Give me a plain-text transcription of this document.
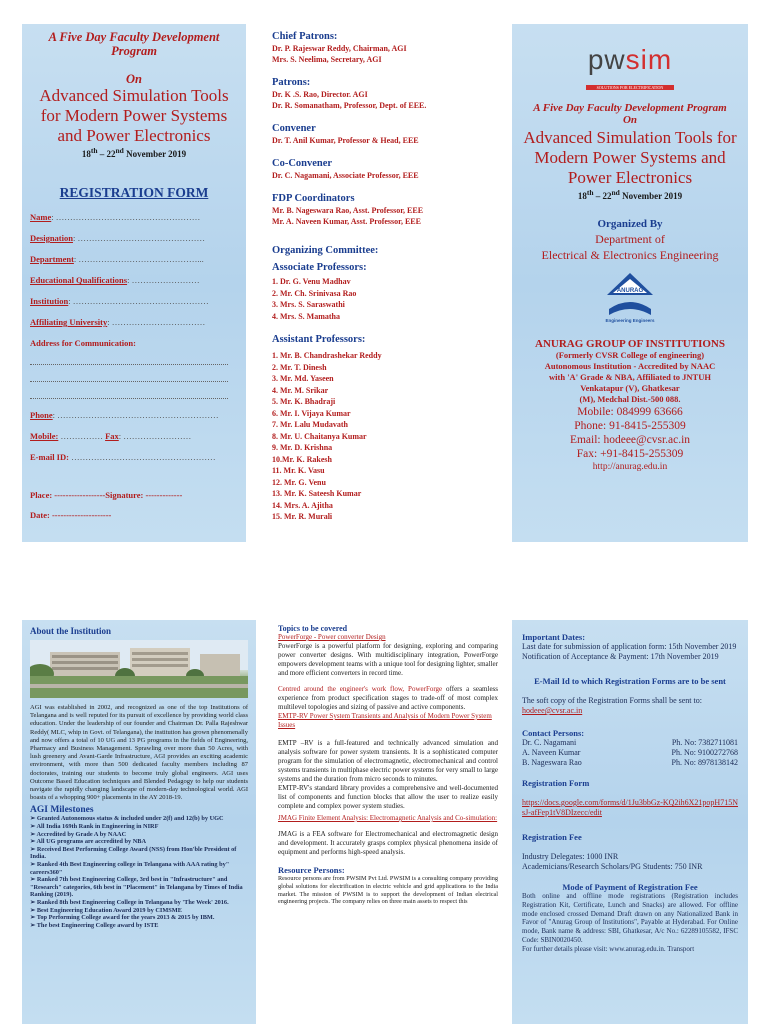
A Five Day Faculty Development Program
On
Advanced Simulation Tools for Modern Power Systems and Power Electronics
18th – 22nd November 2019
REGISTRATION FORM
Name: ……………………………………………
Designation: ………………………………………
Department: ……………………………………...
Educational Qualifications: ……………………
Institution: …………………………………………
Affiliating University: ……………………………
Address for Communication:
Phone: …………………………………………………
Mobile: …………… Fax: ……………………
E-mail ID: ……………………………………………
Place: ------------------Signature: -------------
Date: ---------------------
Chief Patrons:
Dr. P. Rajeswar Reddy, Chairman, AGI
Mrs. S. Neelima, Secretary, AGI
Patrons:
Dr. K .S. Rao, Director. AGI
Dr. R. Somanatham, Professor, Dept. of EEE.
Convener
Dr. T. Anil Kumar, Professor & Head, EEE
Co-Convener
Dr. C. Nagamani, Associate Professor, EEE
FDP Coordinators
Mr. B. Nageswara Rao, Asst. Professor, EEE
Mr. A. Naveen Kumar, Asst. Professor, EEE
Organizing Committee:
Associate Professors:
1. Dr. G. Venu Madhav
2. Mr. Ch. Srinivasa Rao
3. Mrs. S. Saraswathi
4. Mrs. S. Mamatha
Assistant Professors:
1. Mr. B. Chandrashekar Reddy
2. Mr. T. Dinesh
3. Mr. Md. Yaseen
4. Mr. M. Srikar
5. Mr. K. Bhadraji
6. Mr. I. Vijaya Kumar
7. Mr. Lalu Mudavath
8. Mr. U. Chaitanya Kumar
9. Mr. D. Krishna
10.Mr. K. Rakesh
11. Mr. K. Vasu
12. Mr. G. Venu
13. Mr. K. Sateesh Kumar
14. Mrs. A. Ajitha
15. Mr. R. Murali
pwsim
SOLUTIONS FOR ELECTRIFICATION
A Five Day Faculty Development Program
On
Advanced Simulation Tools for Modern Power Systems and Power Electronics
18th – 22nd November 2019
Organized By
Department of
Electrical & Electronics Engineering
ANURAG
Engineering Engineers
ANURAG GROUP OF INSTITUTIONS
(Formerly CVSR College of engineering)
Autonomous Institution - Accredited by NAAC
with 'A' Grade & NBA, Affiliated to JNTUH
Venkatapur (V), Ghatkesar
(M), Medchal Dist.-500 088.
Mobile: 084999 63666
Phone: 91-8415-255309
Email: hodeee@cvsr.ac.in
Fax: +91-8415-255309
http://anurag.edu.in
About the Institution
AGI was established in 2002, and recognized as one of the top Institutions of Telangana and is well reputed for its pursuit of excellence by providing world class education. Under the leadership of our founder and Chairman Dr. Palla Rajeshwar Reddy( MLC, whip in Govt. of Telangana), the institution has grown phenomenally and now offers a total of 10 UG and 13 PG programs in the fields of Engineering, Pharmacy and Business Management. Sprawling over more than 50 Acres, with lush greenery and Avant-Garde Infrastructure, AGI provides an exciting academic environment, with more than 500 dedicated faculty members including 87 doctorates, training our students to become truly global engineers. AGI uses Outcome Based Education techniques and Blended Pedagogy to help our students navigate the rapidly changing landscape of modern-day technological world. AGI boasts of a whopping 900+ placements in the AY 2018-19.
AGI Milestones
➢ Granted Autonomous status & included under 2(f) and 12(b) by UGC
➢ All India 169th Rank in Engineering in NIRF
➢ Accredited by Grade A by NAAC
➢ All UG programs are accredited by NBA
➢ Received Best Performing College Award (NSS) from Hon'ble President of India.
➢ Ranked 4th Best Engineering college in Telangana with AAA rating by" careers360"
➢ Ranked 7th best Engineering College, 3rd best in "Infrastructure" and "Research" categories, 6th best in "Placement" in Telangana by Times of India Ranking (2019).
➢ Ranked 8th best Engineering College in Telangana by 'The Week' 2016.
➢ Best Engineering Education Award 2019 by CIMSME
➢ Top Performing College award for the years 2013 & 2015 by IBM.
➢ The best Engineering College award by ISTE
Topics to be covered
PowerForge - Power converter Design
PowerForge is a powerful platform for designing, exploring and comparing power converter designs. With multidisciplinary integration, PowerForge empowers development teams with a unique tool for designing lighter, smaller and more efficient converters in record time.
Centred around the engineer's work flow, PowerForge offers a seamless experience from product specification stages to trade-off of most complex multilevel topologies and sizing of passive and active components.
EMTP-RV Power System Transients and Analysis of Modern Power System Issues
EMTP –RV is a full-featured and technically advanced simulation and analysis software for power system transients. It is a sophisticated computer program for the simulation of electromagnetic, electromechanical and control systems transients in multiphase electric power systems for very small to large systems and the duration from micro seconds to minutes.
EMTP-RV's standard library provides a comprehensive and well-documented list of components and function blocks that allow the user to realize easily complete and complex power system studies.
JMAG Finite Element Analysis: Electromagnetic Analysis and Co-simulation:
JMAG is a FEA software for Electromechanical and electromagnetic design and development. It accurately grasps complex physical phenomena inside of equipment and performs high-speed analysis.
Resource Persons:
Resource persons are from PWSIM Pvt Ltd. PWSIM is a consulting company providing global solutions for electrification in electric vehicle and grid applications to the India market. The mission of PWSIM is to support the development of Indian electrical engineering projects. The company relies on three main assets to respect this
Important Dates:
Last date for submission of application form: 15th November 2019
Notification of Acceptance & Payment: 17th November 2019
E-Mail Id to which Registration Forms are to be sent
The soft copy of the Registration Forms shall be sent to:
hodeee@cvsr.ac.in
Contact Persons:
Dr. C. Nagamani	Ph. No: 7382711081
A. Naveen Kumar	Ph. No: 9100272768
B. Nageswara Rao	Ph. No: 8978138142
Registration Form
https://docs.google.com/forms/d/1Ju3bbGz-KQ2ih6X21popH715NsJ-afFep1tV8DIzecc/edit
Registration Fee
Industry Delegates: 1000 INR
Academicians/Research Scholars/PG Students: 750 INR
Mode of Payment of Registration Fee
Both online and offline mode registrations (Registration includes Registration Kit, Certificate, Lunch and Snacks) are allowed. For offline mode enclosed crossed Demand Draft drawn on any Nationalized Bank in Favor of "Anurag Group of Institutions", Payable at Hyderabad. For Online mode, Bank name & address: SBI, Ghatkesar, A/c No.: 62289105582, IFSC Code: SBIN0020450.
For further details please visit: www.anurag.edu.in. Transport
